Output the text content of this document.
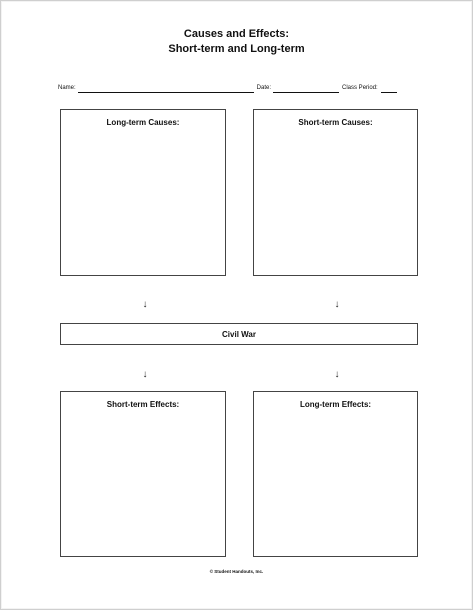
Causes and Effects:
Short-term and Long-term
Name:	Date:	Class Period:
Long-term Causes:	Short-term Causes:
↓	↓
Civil War
↓	↓
Short-term Effects:	Long-term Effects:
© Student Handouts, Inc.
